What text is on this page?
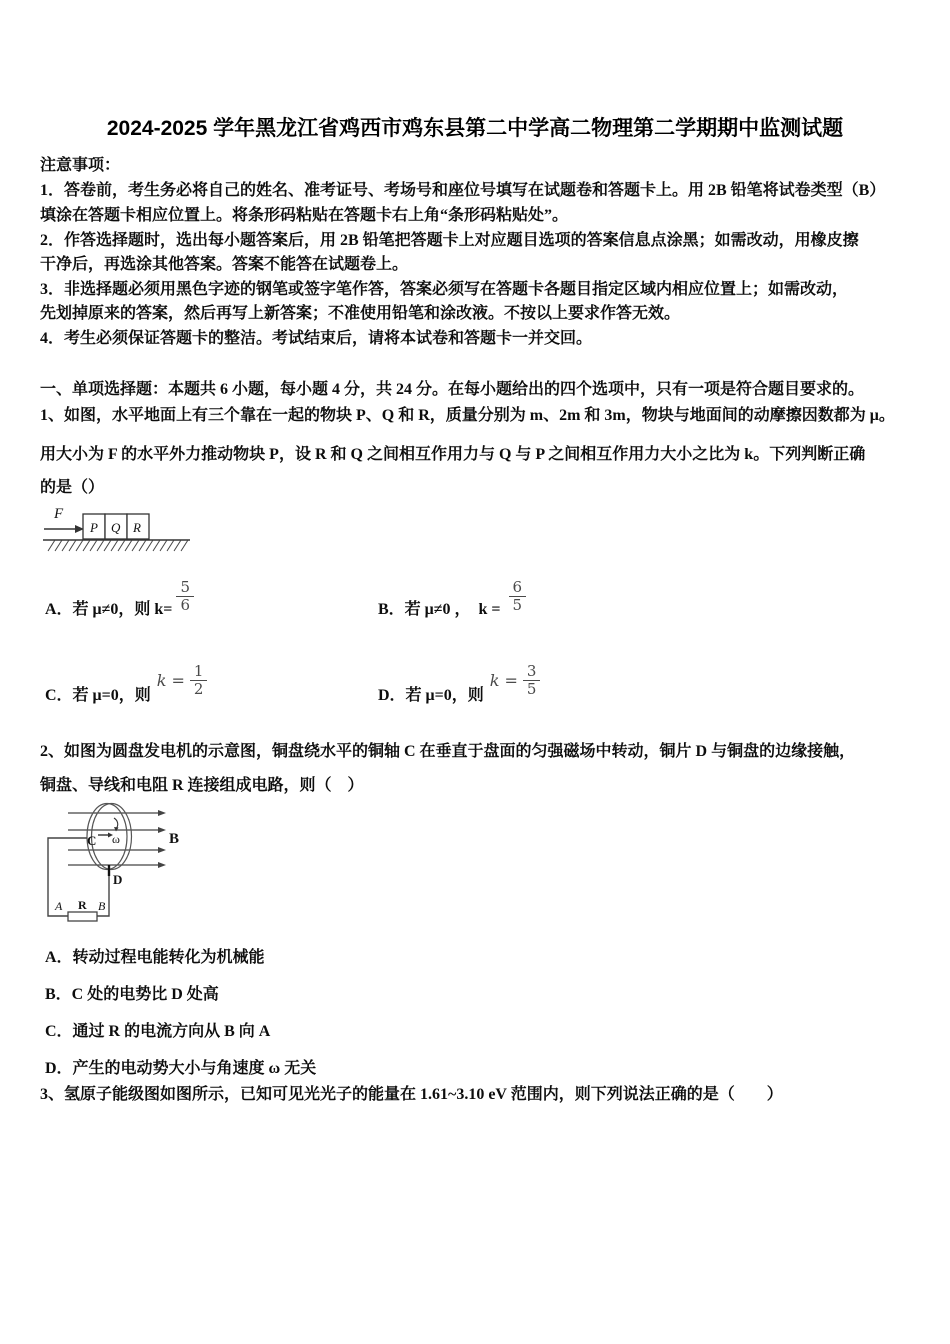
2024-2025 学年黑龙江省鸡西市鸡东县第二中学高二物理第二学期期中监测试题
注意事项：
1．答卷前，考生务必将自己的姓名、准考证号、考场号和座位号填写在试题卷和答题卡上。用 2B 铅笔将试卷类型（B）
填涂在答题卡相应位置上。将条形码粘贴在答题卡右上角“条形码粘贴处”。
2．作答选择题时，选出每小题答案后，用 2B 铅笔把答题卡上对应题目选项的答案信息点涂黑；如需改动，用橡皮擦
干净后，再选涂其他答案。答案不能答在试题卷上。
3．非选择题必须用黑色字迹的钢笔或签字笔作答，答案必须写在答题卡各题目指定区域内相应位置上；如需改动，
先划掉原来的答案，然后再写上新答案；不准使用铅笔和涂改液。不按以上要求作答无效。
4．考生必须保证答题卡的整洁。考试结束后，请将本试卷和答题卡一并交回。
一、单项选择题：本题共 6 小题，每小题 4 分，共 24 分。在每小题给出的四个选项中，只有一项是符合题目要求的。
1、如图，水平地面上有三个靠在一起的物块 P、Q 和 R，质量分别为 m、2m 和 3m，物块与地面间的动摩擦因数都为 μ。
用大小为 F 的水平外力推动物块 P，设 R 和 Q 之间相互作用力与 Q 与 P 之间相互作用力大小之比为 k。下列判断正确
的是（）
F
P Q R
A．若 μ≠0，则 $k= \frac{5}{6}$	B．若 μ≠0 ，  $k = \frac{6}{5}$
C．若 μ=0，则
$k = \frac{1}{2}$	D．若 μ=0，则
$k = \frac{3}{5}$
2、如图为圆盘发电机的示意图，铜盘绕水平的铜轴 C 在垂直于盘面的匀强磁场中转动，铜片 D 与铜盘的边缘接触，
铜盘、导线和电阻 R 连接组成电路，则（　）
B
C ω
D
A R B
A．转动过程电能转化为机械能
B．C 处的电势比 D 处高
C．通过 R 的电流方向从 B 向 A
D．产生的电动势大小与角速度 ω 无关
3、氢原子能级图如图所示，已知可见光光子的能量在 1.61~3.10 eV 范围内，则下列说法正确的是（　　）
